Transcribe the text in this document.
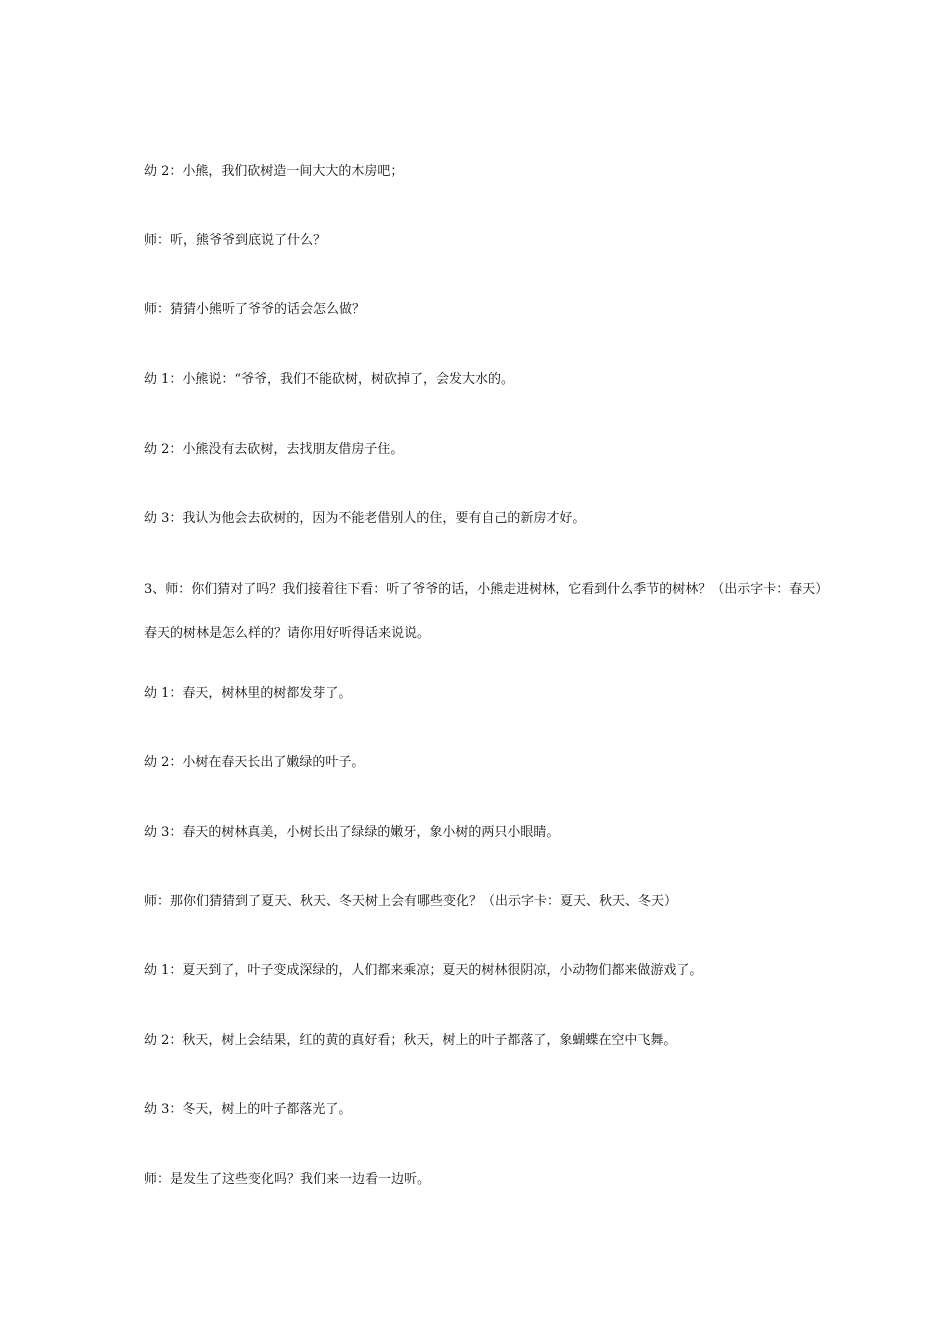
幼 2：小熊，我们砍树造一间大大的木房吧；

师：听，熊爷爷到底说了什么？

师：猜猜小熊听了爷爷的话会怎么做？

幼 1：小熊说：“爷爷，我们不能砍树，树砍掉了，会发大水的。

幼 2：小熊没有去砍树，去找朋友借房子住。

幼 3：我认为他会去砍树的，因为不能老借别人的住，要有自己的新房才好。

3、师：你们猜对了吗？我们接着往下看：听了爷爷的话，小熊走进树林，它看到什么季节的树林？（出示字卡：春天）春天的树林是怎么样的？请你用好听得话来说说。

幼 1：春天，树林里的树都发芽了。

幼 2：小树在春天长出了嫩绿的叶子。

幼 3：春天的树林真美，小树长出了绿绿的嫩牙，象小树的两只小眼睛。

师：那你们猜猜到了夏天、秋天、冬天树上会有哪些变化？（出示字卡：夏天、秋天、冬天）

幼 1：夏天到了，叶子变成深绿的，人们都来乘凉；夏天的树林很阴凉，小动物们都来做游戏了。

幼 2：秋天，树上会结果，红的黄的真好看；秋天，树上的叶子都落了，象蝴蝶在空中飞舞。

幼 3：冬天，树上的叶子都落光了。

师：是发生了这些变化吗？我们来一边看一边听。
